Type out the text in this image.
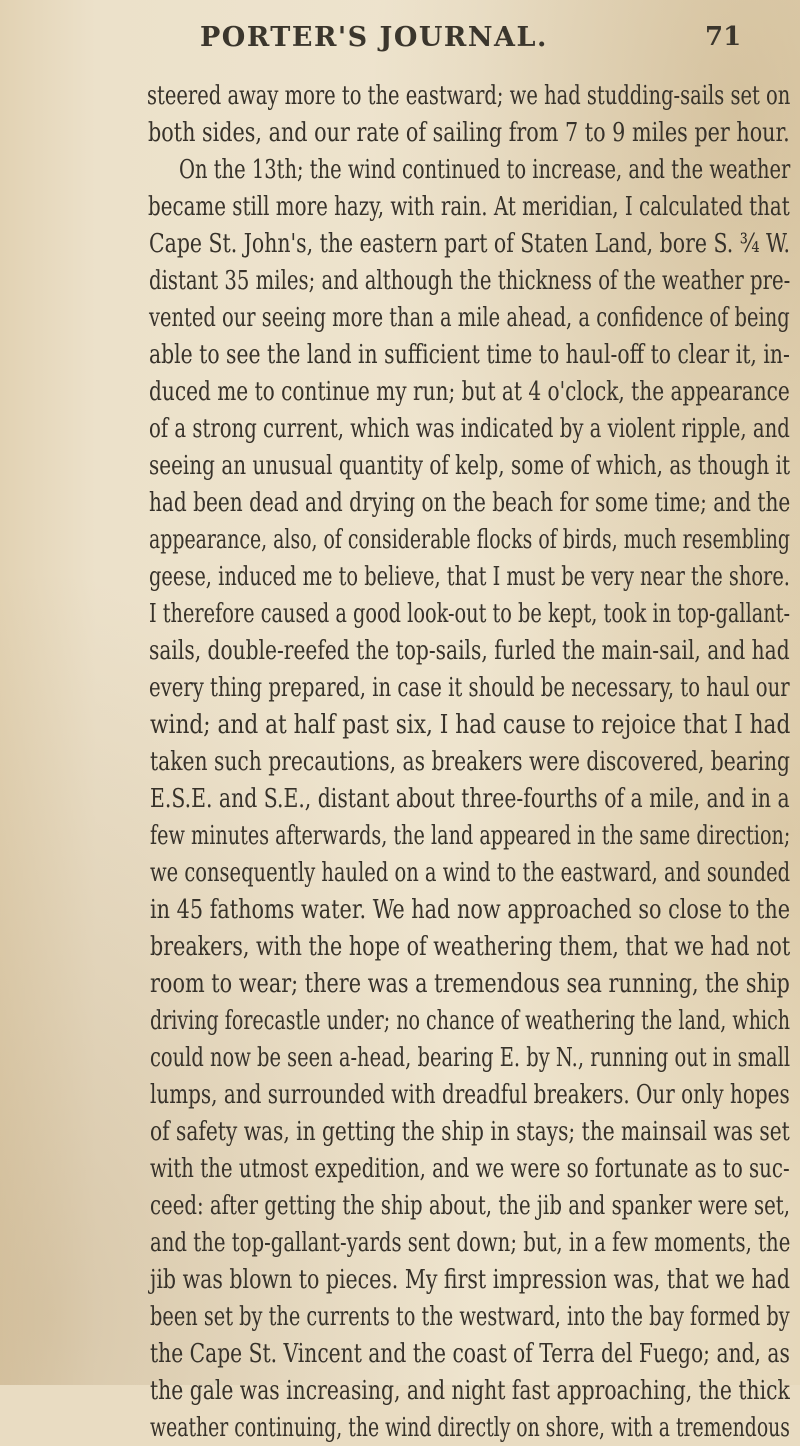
PORTER'S JOURNAL.	71
steered away more to the eastward; we had studding-sails set on
both sides, and our rate of sailing from 7 to 9 miles per hour.
On the 13th; the wind continued to increase, and the weather
became still more hazy, with rain. At meridian, I calculated that
Cape St. John's, the eastern part of Staten Land, bore S. ¾ W.
distant 35 miles; and although the thickness of the weather pre-
vented our seeing more than a mile ahead, a confidence of being
able to see the land in sufficient time to haul-off to clear it, in-
duced me to continue my run; but at 4 o'clock, the appearance
of a strong current, which was indicated by a violent ripple, and
seeing an unusual quantity of kelp, some of which, as though it
had been dead and drying on the beach for some time; and the
appearance, also, of considerable flocks of birds, much resembling
geese, induced me to believe, that I must be very near the shore.
I therefore caused a good look-out to be kept, took in top-gallant-
sails, double-reefed the top-sails, furled the main-sail, and had
every thing prepared, in case it should be necessary, to haul our
wind; and at half past six, I had cause to rejoice that I had
taken such precautions, as breakers were discovered, bearing
E.S.E. and S.E., distant about three-fourths of a mile, and in a
few minutes afterwards, the land appeared in the same direction;
we consequently hauled on a wind to the eastward, and sounded
in 45 fathoms water. We had now approached so close to the
breakers, with the hope of weathering them, that we had not
room to wear; there was a tremendous sea running, the ship
driving forecastle under; no chance of weathering the land, which
could now be seen a-head, bearing E. by N., running out in small
lumps, and surrounded with dreadful breakers. Our only hopes
of safety was, in getting the ship in stays; the mainsail was set
with the utmost expedition, and we were so fortunate as to suc-
ceed: after getting the ship about, the jib and spanker were set,
and the top-gallant-yards sent down; but, in a few moments, the
jib was blown to pieces. My first impression was, that we had
been set by the currents to the westward, into the bay formed by
the Cape St. Vincent and the coast of Terra del Fuego; and, as
the gale was increasing, and night fast approaching, the thick
weather continuing, the wind directly on shore, with a tremendous
